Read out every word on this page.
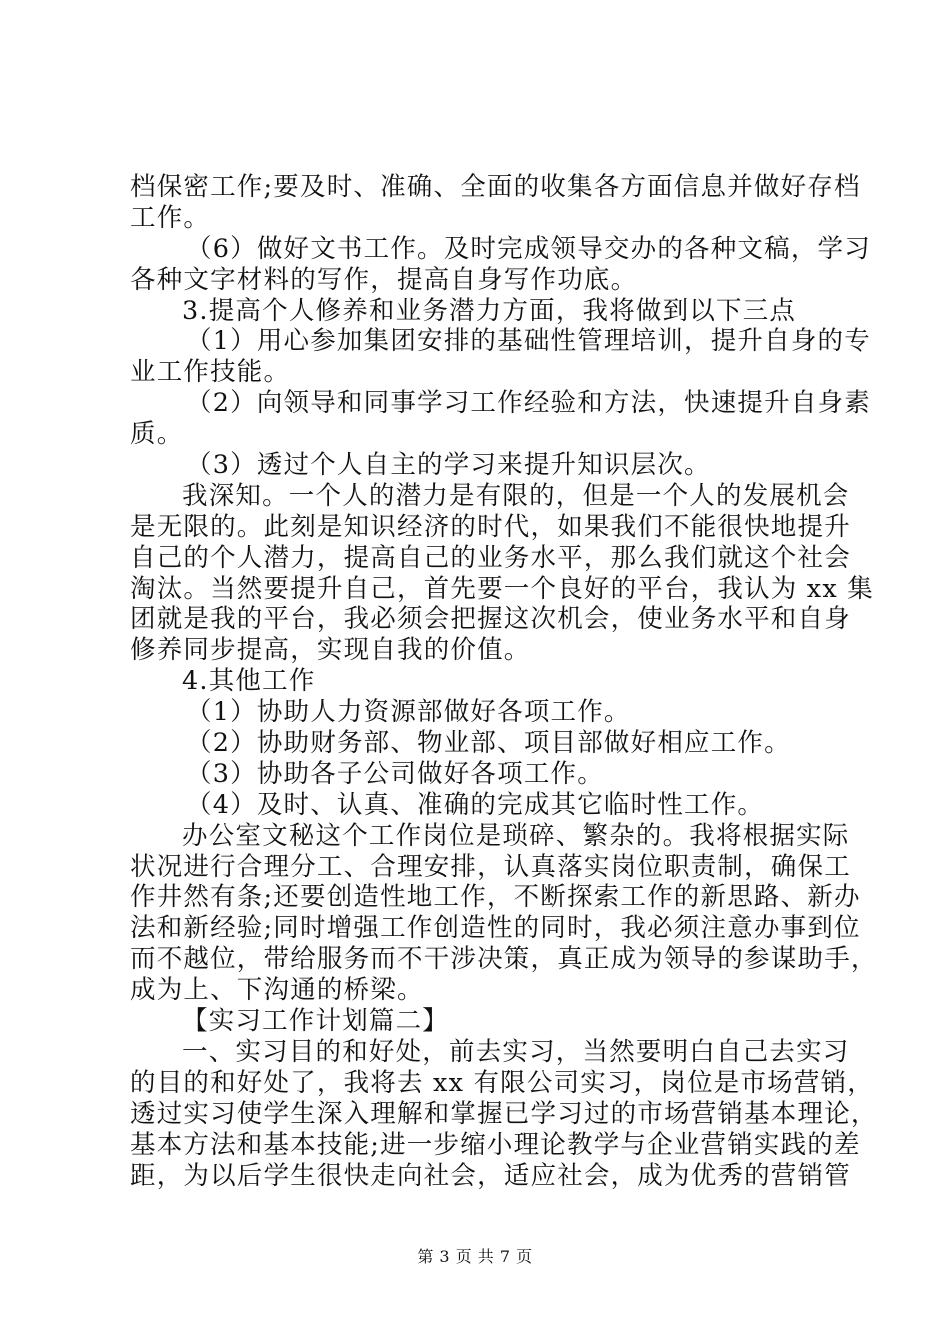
档保密工作;要及时、准确、全面的收集各方面信息并做好存档
工作。
（6）做好文书工作。及时完成领导交办的各种文稿，学习
各种文字材料的写作，提高自身写作功底。
3.提高个人修养和业务潜力方面，我将做到以下三点
（1）用心参加集团安排的基础性管理培训，提升自身的专
业工作技能。
（2）向领导和同事学习工作经验和方法，快速提升自身素
质。
（3）透过个人自主的学习来提升知识层次。
我深知。一个人的潜力是有限的，但是一个人的发展机会
是无限的。此刻是知识经济的时代，如果我们不能很快地提升
自己的个人潜力，提高自己的业务水平，那么我们就这个社会
淘汰。当然要提升自己，首先要一个良好的平台，我认为 xx 集
团就是我的平台，我必须会把握这次机会，使业务水平和自身
修养同步提高，实现自我的价值。
4.其他工作
（1）协助人力资源部做好各项工作。
（2）协助财务部、物业部、项目部做好相应工作。
（3）协助各子公司做好各项工作。
（4）及时、认真、准确的完成其它临时性工作。
办公室文秘这个工作岗位是琐碎、繁杂的。我将根据实际
状况进行合理分工、合理安排，认真落实岗位职责制，确保工
作井然有条;还要创造性地工作，不断探索工作的新思路、新办
法和新经验;同时增强工作创造性的同时，我必须注意办事到位
而不越位，带给服务而不干涉决策，真正成为领导的参谋助手，
成为上、下沟通的桥梁。
【实习工作计划篇二】
一、实习目的和好处，前去实习，当然要明白自己去实习
的目的和好处了，我将去 xx 有限公司实习，岗位是市场营销，
透过实习使学生深入理解和掌握已学习过的市场营销基本理论，
基本方法和基本技能;进一步缩小理论教学与企业营销实践的差
距，为以后学生很快走向社会，适应社会，成为优秀的营销管
第 3 页 共 7 页
